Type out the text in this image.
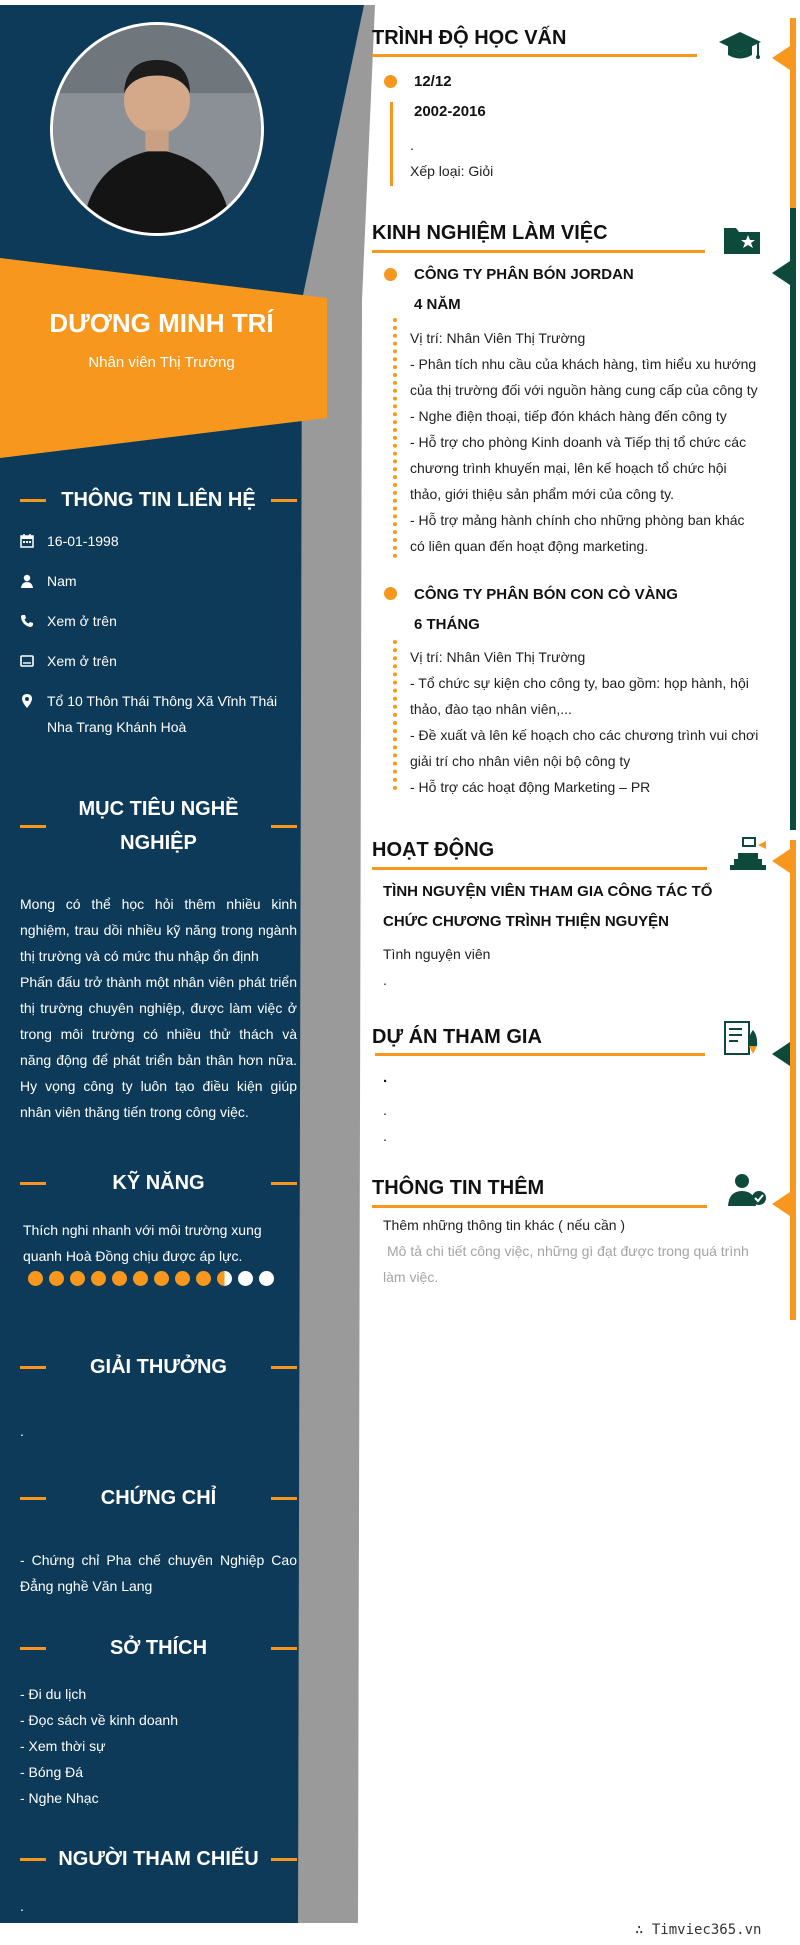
DƯƠNG MINH TRÍ
Nhân viên Thị Trường
THÔNG TIN LIÊN HỆ
16-01-1998
Nam
Xem ở trên
Xem ở trên
Tổ 10 Thôn Thái Thông Xã Vĩnh Thái Nha Trang Khánh Hoà
MỤC TIÊU NGHỀ NGHIỆP

Mong có thể học hỏi thêm nhiều kinh nghiệm, trau dồi nhiều kỹ năng trong ngành thị trường và có mức thu nhập ổn định

Phấn đấu trở thành một nhân viên phát triển thị trường chuyên nghiệp, được làm việc ở trong môi trường có nhiều thử thách và năng động để phát triển bản thân hơn nữa. Hy vọng công ty luôn tạo điều kiện giúp nhân viên thăng tiến trong công việc.

KỸ NĂNG

Thích nghi nhanh với môi trường xung quanh Hoà Đồng chịu được áp lực.

GIẢI THƯỞNG
.
CHỨNG CHỈ

- Chứng chỉ Pha chế chuyên Nghiệp Cao Đẳng nghề Văn Lang

SỞ THÍCH
- Đi du lịch
- Đọc sách về kinh doanh
- Xem thời sự
- Bóng Đá
- Nghe Nhạc
NGƯỜI THAM CHIẾU
.
TRÌNH ĐỘ HỌC VẤN
12/12
2002-2016

.

Xếp loại: Giỏi

KINH NGHIỆM LÀM VIỆC
CÔNG TY PHÂN BÓN JORDAN
4 NĂM

Vị trí: Nhân Viên Thị Trường

- Phân tích nhu cầu của khách hàng, tìm hiểu xu hướng của thị trường đối với nguồn hàng cung cấp của công ty

- Nghe điện thoại, tiếp đón khách hàng đến công ty

- Hỗ trợ cho phòng Kinh doanh và Tiếp thị tổ chức các chương trình khuyến mại, lên kế hoạch tổ chức hội thảo, giới thiệu sản phẩm mới của công ty.

- Hỗ trợ mảng hành chính cho những phòng ban khác có liên quan đến hoạt động marketing.

CÔNG TY PHÂN BÓN CON CÒ VÀNG
6 THÁNG

Vị trí: Nhân Viên Thị Trường

- Tổ chức sự kiện cho công ty, bao gồm: họp hành, hội thảo, đào tạo nhân viên,...

- Đề xuất và lên kế hoạch cho các chương trình vui chơi giải trí cho nhân viên nội bộ công ty

- Hỗ trợ các hoạt động Marketing – PR

HOẠT ĐỘNG
TÌNH NGUYỆN VIÊN THAM GIA CÔNG TÁC TỔ CHỨC CHƯƠNG TRÌNH THIỆN NGUYỆN

Tình nguyện viên

.

DỰ ÁN THAM GIA
.

.

.

THÔNG TIN THÊM
Thêm những thông tin khác ( nếu cần )
Mô tả chi tiết công việc, những gì đạt được trong quá trình làm việc.
∴ Timviec365.vn
